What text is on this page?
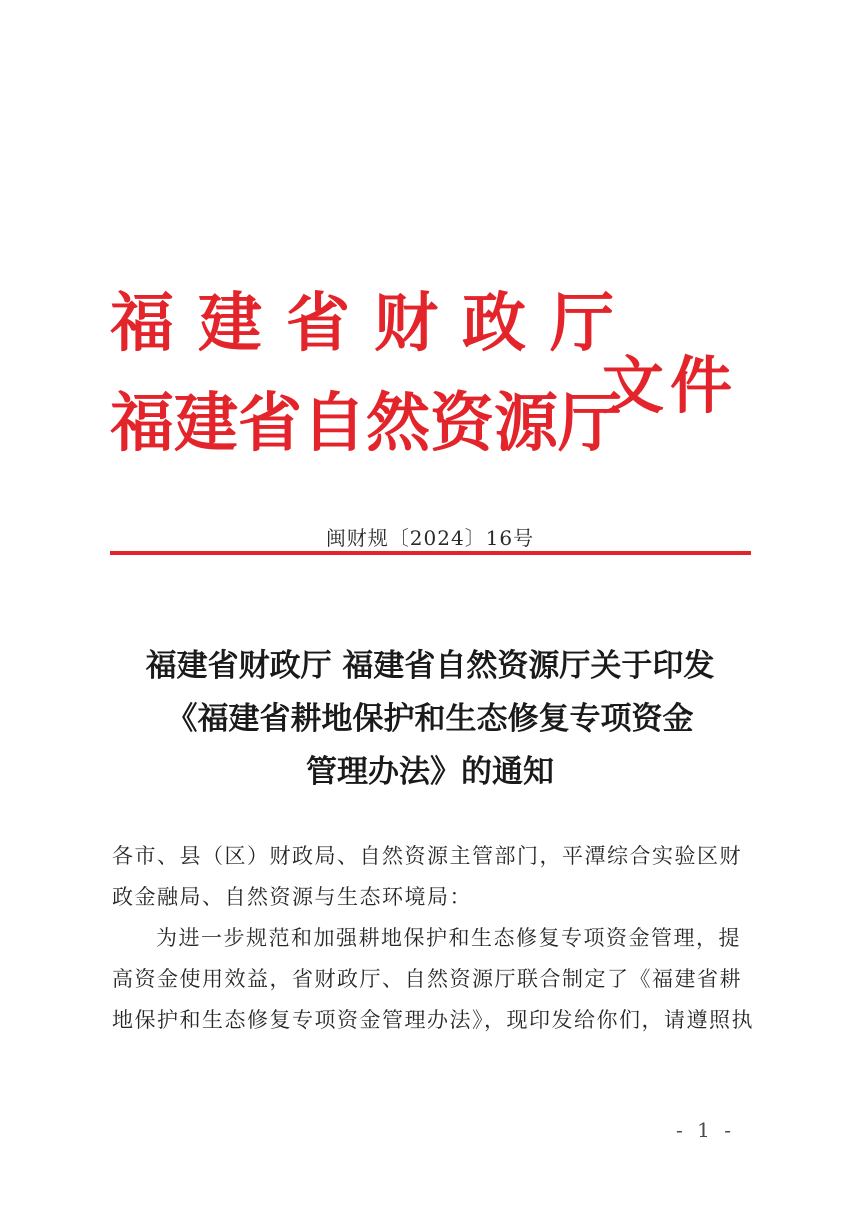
福建省财政厅
福建省自然资源厅
文件
闽财规〔2024〕16号
福建省财政厅 福建省自然资源厅关于印发
《福建省耕地保护和生态修复专项资金
管理办法》的通知
各市、县（区）财政局、自然资源主管部门，平潭综合实验区财
政金融局、自然资源与生态环境局：
为进一步规范和加强耕地保护和生态修复专项资金管理，提
高资金使用效益，省财政厅、自然资源厅联合制定了《福建省耕
地保护和生态修复专项资金管理办法》，现印发给你们，请遵照执
- 1 -
